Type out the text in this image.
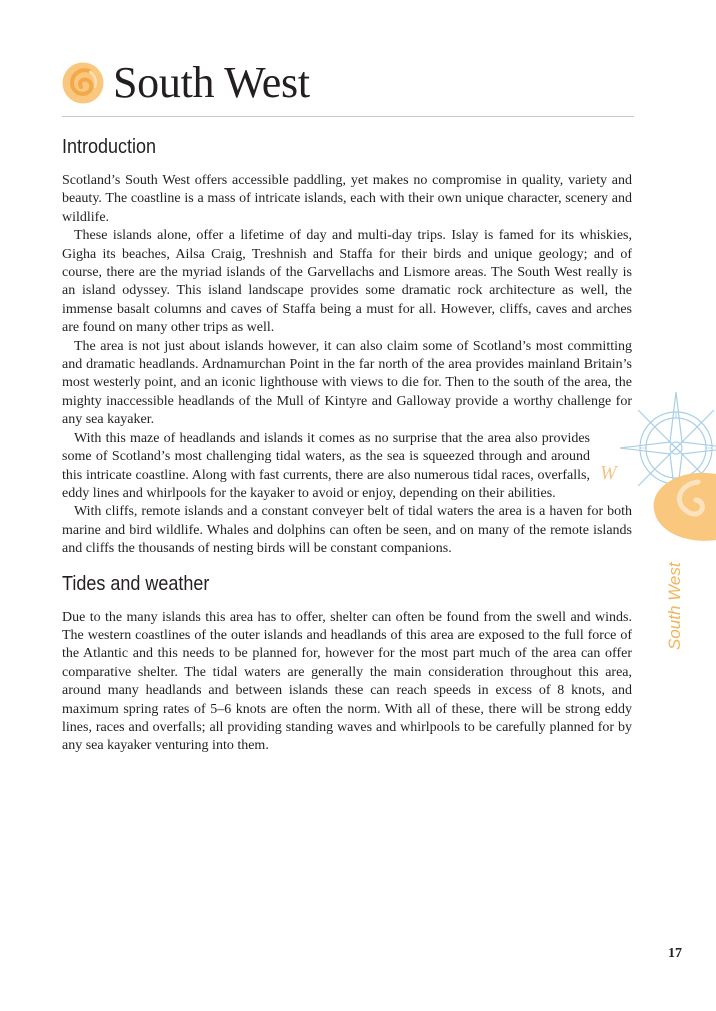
South West
Introduction

Scotland’s South West offers accessible paddling, yet makes no compromise in quality, variety and beauty. The coastline is a mass of intricate islands, each with their own unique character, scenery and wildlife.

These islands alone, offer a lifetime of day and multi-day trips. Islay is famed for its whiskies, Gigha its beaches, Ailsa Craig, Treshnish and Staffa for their birds and unique geology; and of course, there are the myriad islands of the Garvellachs and Lismore areas. The South West really is an island odyssey. This island landscape provides some dramatic rock architecture as well, the immense basalt columns and caves of Staffa being a must for all. However, cliffs, caves and arches are found on many other trips as well.

The area is not just about islands however, it can also claim some of Scotland’s most committing and dramatic headlands. Ardnamurchan Point in the far north of the area provides mainland Britain’s most westerly point, and an iconic lighthouse with views to die for. Then to the south of the area, the mighty inaccessible headlands of the Mull of Kintyre and Galloway provide a worthy challenge for any sea kayaker.

With this maze of headlands and islands it comes as no surprise that the area also provides some of Scotland’s most challenging tidal waters, as the sea is squeezed through and around this intricate coastline. Along with fast currents, there are also numerous tidal races, overfalls, eddy lines and whirlpools for the kayaker to avoid or enjoy, depending on their abilities.

With cliffs, remote islands and a constant conveyer belt of tidal waters the area is a haven for both marine and bird wildlife. Whales and dolphins can often be seen, and on many of the remote islands and cliffs the thousands of nesting birds will be constant companions.

Tides and weather

Due to the many islands this area has to offer, shelter can often be found from the swell and winds. The western coastlines of the outer islands and headlands of this area are exposed to the full force of the Atlantic and this needs to be planned for, however for the most part much of the area can offer comparative shelter. The tidal waters are generally the main consideration throughout this area, around many headlands and between islands these can reach speeds in excess of 8 knots, and maximum spring rates of 5–6 knots are often the norm. With all of these, there will be strong eddy lines, races and overfalls; all providing standing waves and whirlpools to be carefully planned for by any sea kayaker venturing into them.

W
South West
17
